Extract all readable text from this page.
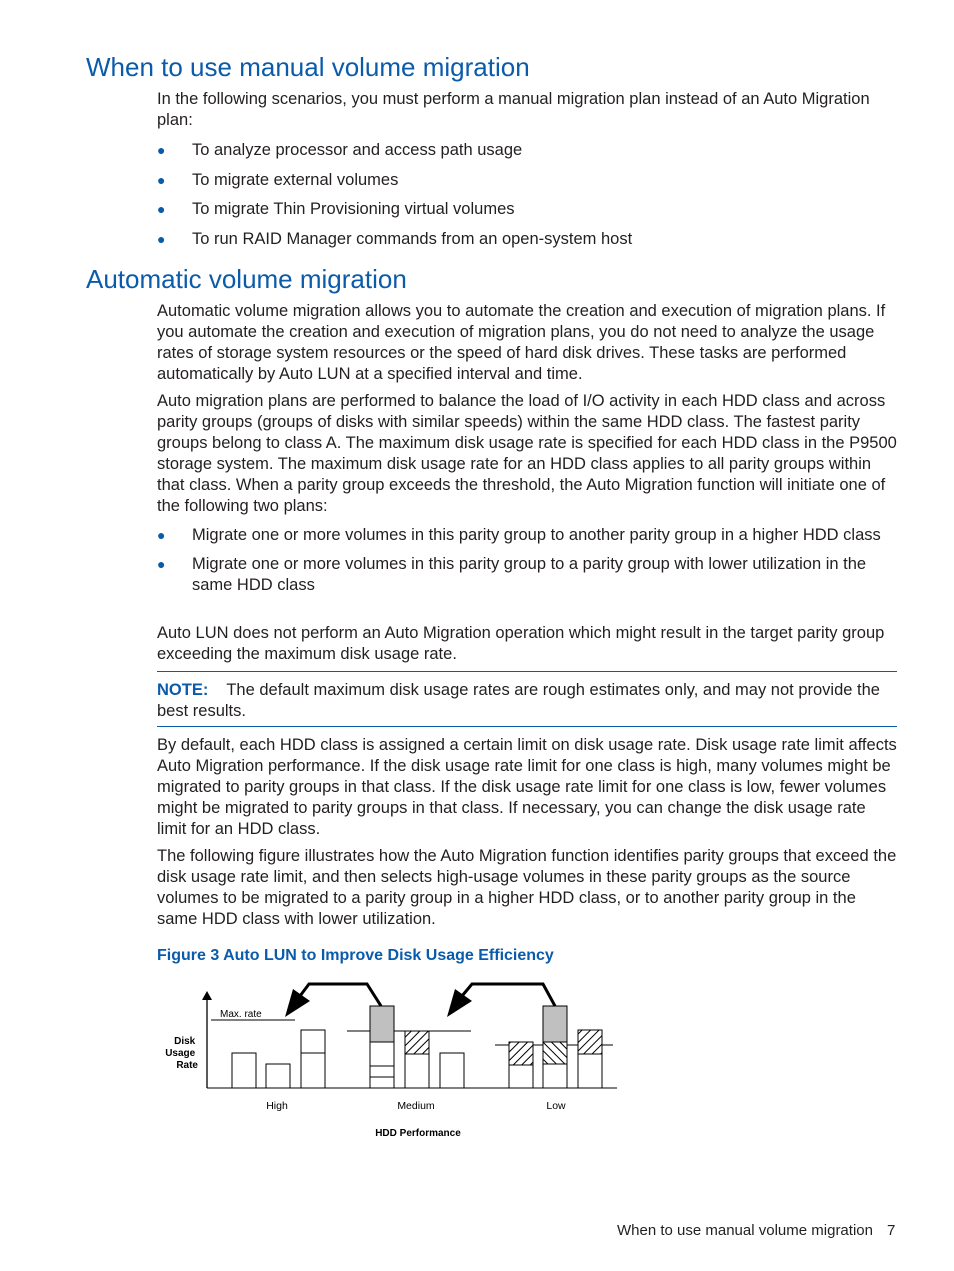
When to use manual volume migration

In the following scenarios, you must perform a manual migration plan instead of an Auto Migration plan:

● To analyze processor and access path usage
● To migrate external volumes
● To migrate Thin Provisioning virtual volumes
● To run RAID Manager commands from an open-system host
Automatic volume migration

Automatic volume migration allows you to automate the creation and execution of migration plans. If you automate the creation and execution of migration plans, you do not need to analyze the usage rates of storage system resources or the speed of hard disk drives. These tasks are performed automatically by Auto LUN at a specified interval and time.

Auto migration plans are performed to balance the load of I/O activity in each HDD class and across parity groups (groups of disks with similar speeds) within the same HDD class. The fastest parity groups belong to class A. The maximum disk usage rate is specified for each HDD class in the P9500 storage system. The maximum disk usage rate for an HDD class applies to all parity groups within that class. When a parity group exceeds the threshold, the Auto Migration function will initiate one of the following two plans:

● Migrate one or more volumes in this parity group to another parity group in a higher HDD class
● Migrate one or more volumes in this parity group to a parity group with lower utilization in the same HDD class

Auto LUN does not perform an Auto Migration operation which might result in the target parity group exceeding the maximum disk usage rate.

NOTE: The default maximum disk usage rates are rough estimates only, and may not provide the best results.

By default, each HDD class is assigned a certain limit on disk usage rate. Disk usage rate limit affects Auto Migration performance. If the disk usage rate limit for one class is high, many volumes might be migrated to parity groups in that class. If the disk usage rate limit for one class is low, fewer volumes might be migrated to parity groups in that class. If necessary, you can change the disk usage rate limit for an HDD class.

The following figure illustrates how the Auto Migration function identifies parity groups that exceed the disk usage rate limit, and then selects high-usage volumes in these parity groups as the source volumes to be migrated to a parity group in a higher HDD class, or to another parity group in the same HDD class with lower utilization.

Figure 3 Auto LUN to Improve Disk Usage Efficiency

Disk Usage Rate
Max. rate
High	Medium	Low
HDD Performance
When to use manual volume migration 7
